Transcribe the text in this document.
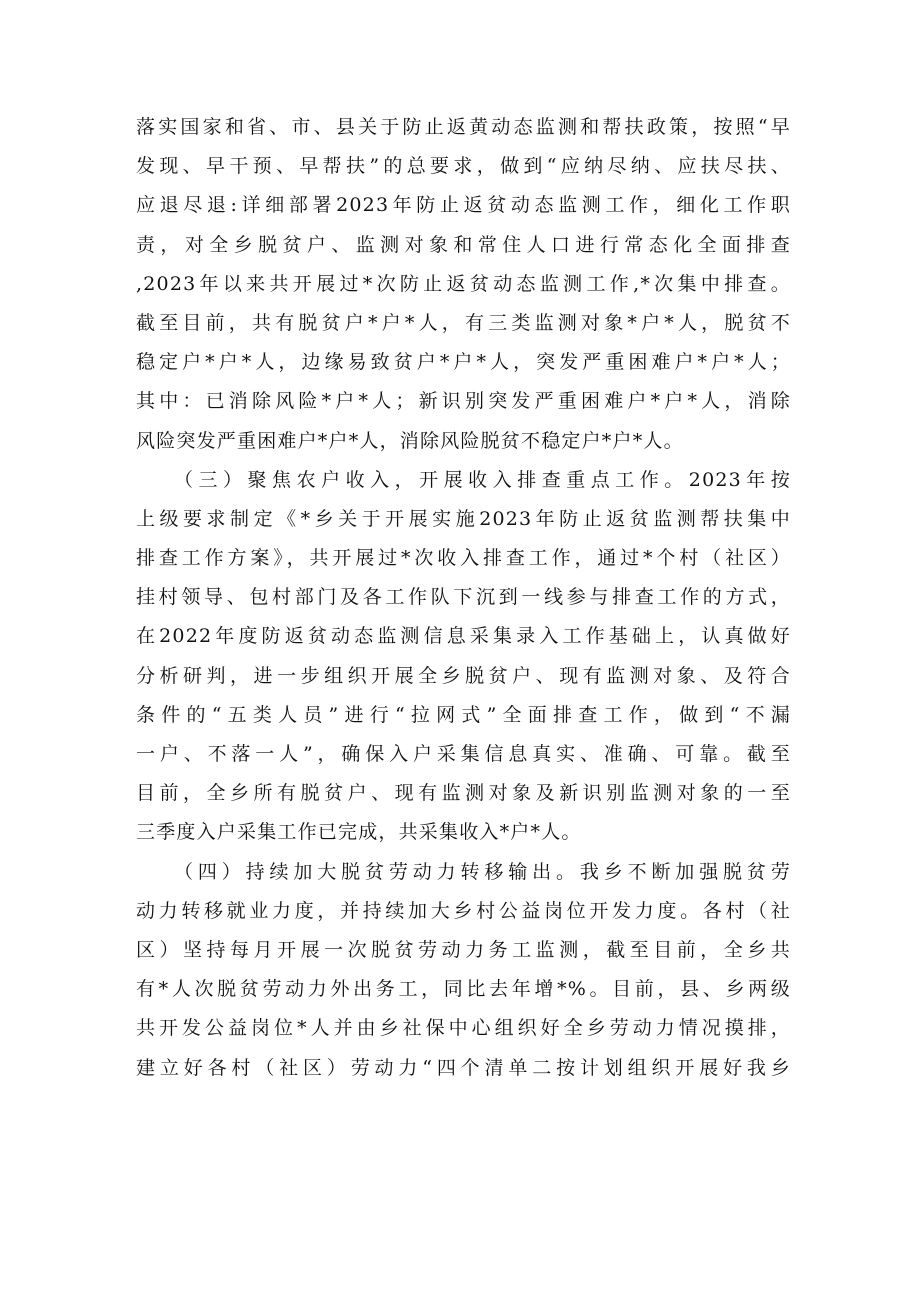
落实国家和省、市、县关于防止返黄动态监测和帮扶政策，按照“早
发现、早干预、早帮扶”的总要求，做到“应纳尽纳、应扶尽扶、
应退尽退:详细部署2023年防止返贫动态监测工作，细化工作职
责，对全乡脱贫户、监测对象和常住人口进行常态化全面排查
,2023年以来共开展过*次防止返贫动态监测工作,*次集中排查。
截至目前，共有脱贫户*户*人，有三类监测对象*户*人，脱贫不
稳定户*户*人，边缘易致贫户*户*人，突发严重困难户*户*人；
其中：已消除风险*户*人；新识别突发严重困难户*户*人，消除
风险突发严重困难户*户*人，消除风险脱贫不稳定户*户*人。
（三）聚焦农户收入，开展收入排查重点工作。2023年按
上级要求制定《*乡关于开展实施2023年防止返贫监测帮扶集中
排查工作方案》，共开展过*次收入排查工作，通过*个村（社区）
挂村领导、包村部门及各工作队下沉到一线参与排查工作的方式，
在2022年度防返贫动态监测信息采集录入工作基础上，认真做好
分析研判，进一步组织开展全乡脱贫户、现有监测对象、及符合
条件的“五类人员”进行“拉网式”全面排查工作，做到“不漏
一户、不落一人”，确保入户采集信息真实、准确、可靠。截至
目前，全乡所有脱贫户、现有监测对象及新识别监测对象的一至
三季度入户采集工作已完成，共采集收入*户*人。
（四）持续加大脱贫劳动力转移输出。我乡不断加强脱贫劳
动力转移就业力度，并持续加大乡村公益岗位开发力度。各村（社
区）坚持每月开展一次脱贫劳动力务工监测，截至目前，全乡共
有*人次脱贫劳动力外出务工，同比去年增*%。目前，县、乡两级
共开发公益岗位*人并由乡社保中心组织好全乡劳动力情况摸排，
建立好各村（社区）劳动力“四个清单二按计划组织开展好我乡
